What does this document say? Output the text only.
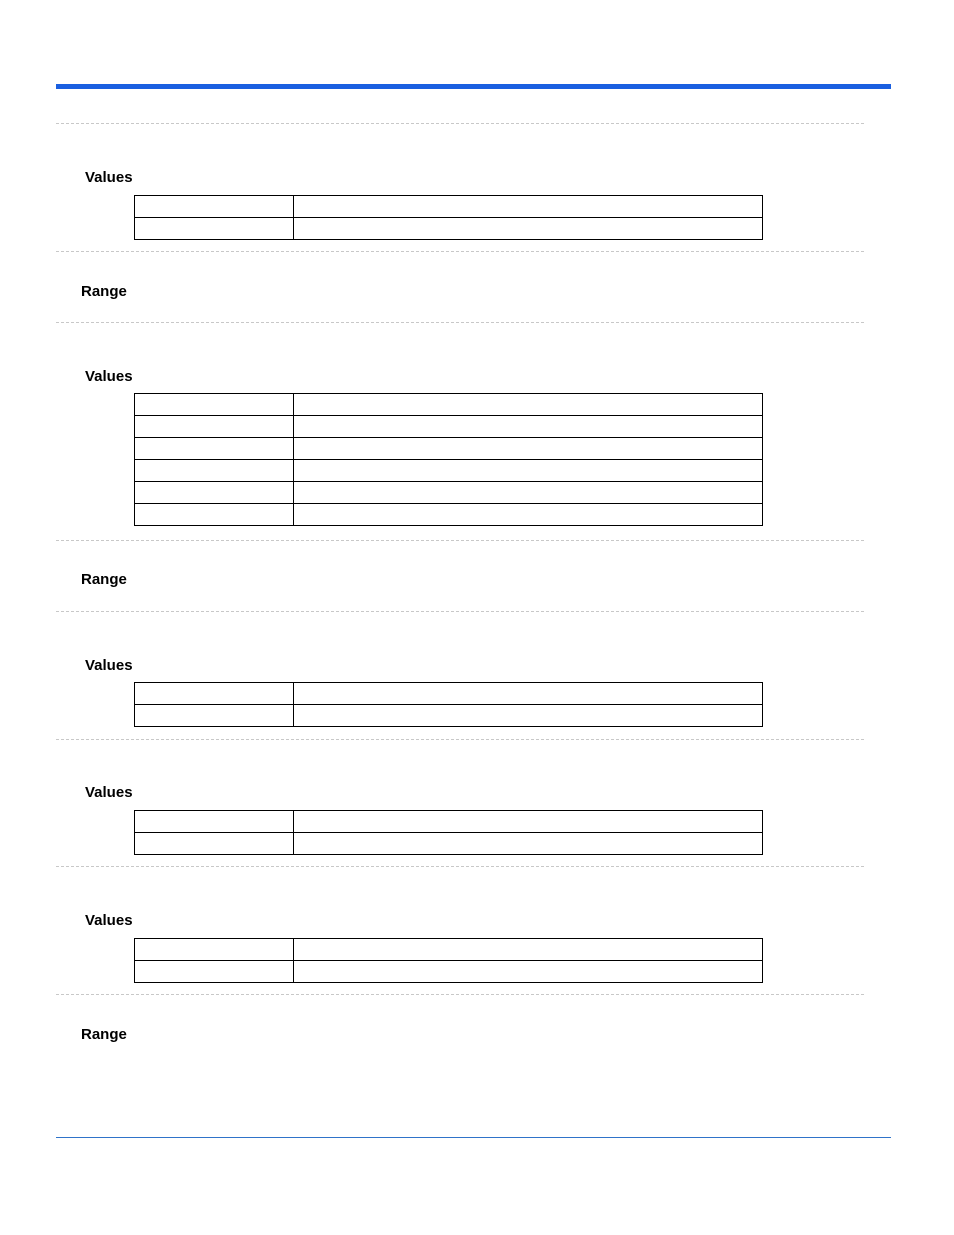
Values

Range
Values

Range
Values

Values

Values

Range
